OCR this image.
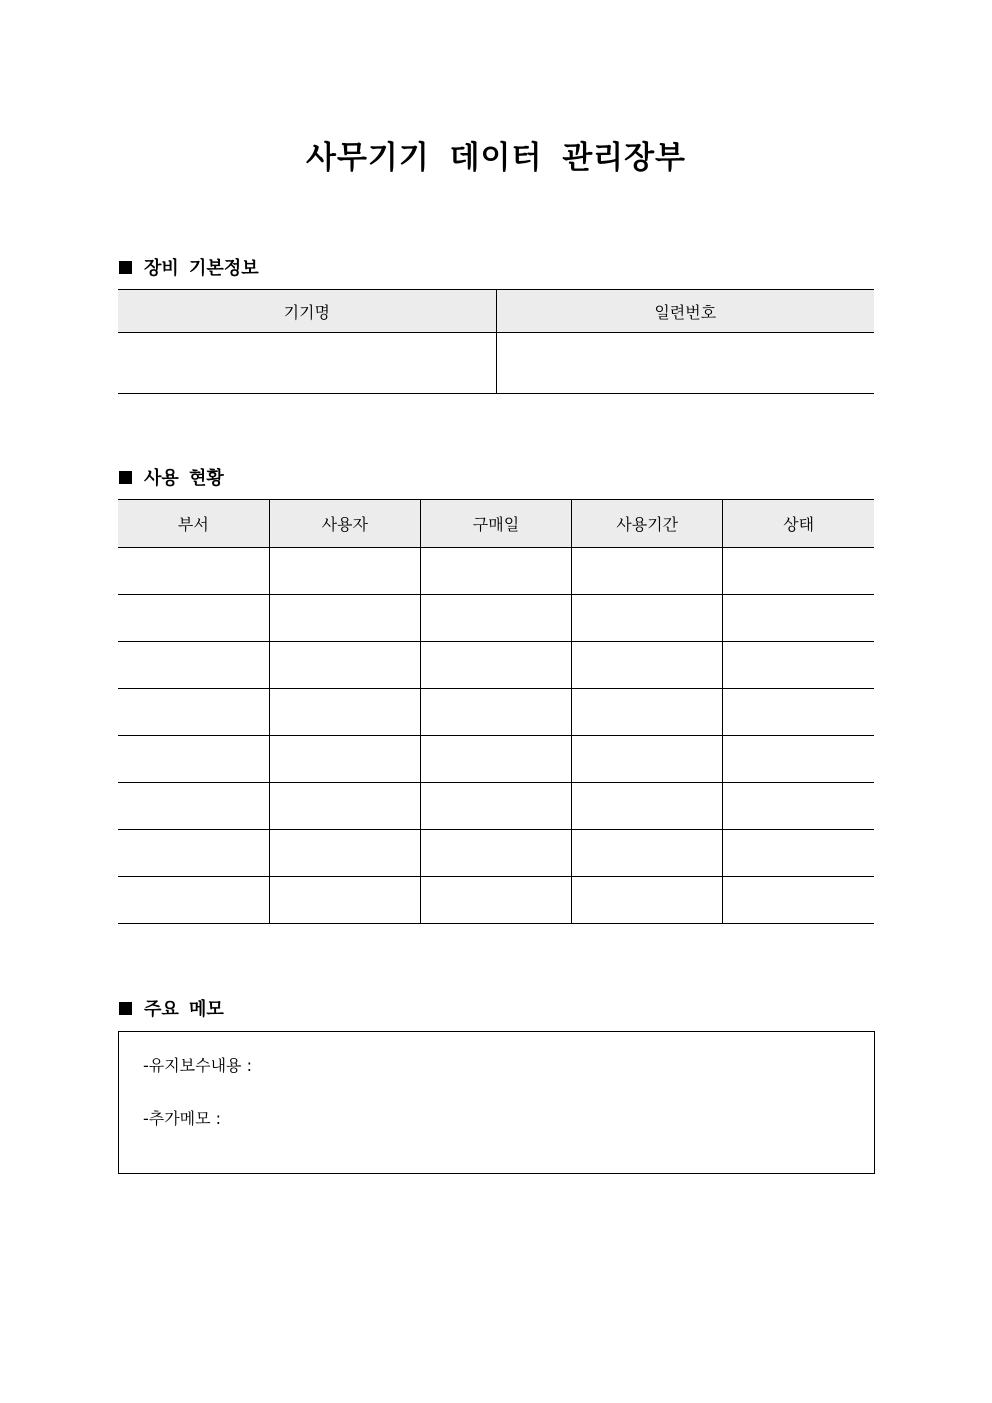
사무기기 데이터 관리장부
장비 기본정보
기기명	일련번호

사용 현황
부서	사용자	구매일	사용기간	상태

주요 메모
-유지보수내용 :
-추가메모 :
